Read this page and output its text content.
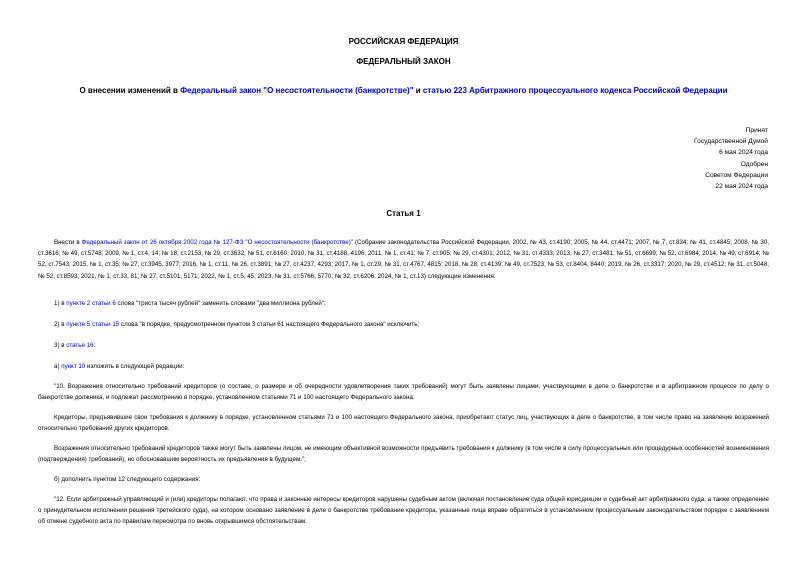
РОССИЙСКАЯ ФЕДЕРАЦИЯ
ФЕДЕРАЛЬНЫЙ ЗАКОН
О внесении изменений в Федеральный закон "О несостоятельности (банкротстве)" и статью 223 Арбитражного процессуального кодекса Российской Федерации
Принят
Государственной Думой
6 мая 2024 года
Одобрен
Советом Федерации
22 мая 2024 года
Статья 1
Внести в Федеральный закон от 26 октября 2002 года № 127-ФЗ "О несостоятельности (банкротстве)" (Собрание законодательства Российской Федерации, 2002, № 43, ст.4190; 2005, № 44, ст.4471; 2007, № 7, ст.834; № 41, ст.4845; 2008, № 30, ст.3616; № 49, ст.5748; 2009, № 1, ст.4, 14; № 18, ст.2153; № 29, ст.3632; № 51, ст.6160; 2010, № 31, ст.4188, 4196; 2011, № 1, ст.41; № 7, ст.905; № 29, ст.4301; 2012, № 31, ст.4333; 2013, № 27, ст.3481; № 51, ст.6699; № 52, ст.6984; 2014, № 49, ст.6914; № 52, ст.7543; 2015, № 1, ст.35; № 27, ст.3945, 3977; 2016, № 1, ст.11; № 26, ст.3891; № 27, ст.4237, 4293; 2017, № 1, ст.29; № 31, ст.4767, 4815; 2018, № 28, ст.4139; № 49, ст.7523; № 53, ст.8404, 8440; 2019, № 26, ст.3317; 2020, № 29, ст.4512; № 31, ст.5048; № 52, ст.8593; 2021, № 1, ст.33, 81; № 27, ст.5101, 5171; 2022, № 1, ст.5, 45; 2023, № 31, ст.5766, 5770; № 32, ст.6206; 2024, № 1, ст.13) следующие изменения:
1) в пункте 2 статьи 6 слова "триста тысяч рублей" заменить словами "два миллиона рублей";
2) в пункте 5 статьи 15 слова "в порядке, предусмотренном пунктом 3 статьи 61 настоящего Федерального закона" исключить;
3) в статье 16:
а) пункт 10 изложить в следующей редакции:
"10. Возражения относительно требований кредиторов (о составе, о размере и об очередности удовлетворения таких требований) могут быть заявлены лицами, участвующими в деле о банкротстве и в арбитражном процессе по делу о банкротстве должника, и подлежат рассмотрению в порядке, установленном статьями 71 и 100 настоящего Федерального закона.
Кредиторы, предъявившие свои требования к должнику в порядке, установленном статьями 71 и 100 настоящего Федерального закона, приобретают статус лиц, участвующих в деле о банкротстве, в том числе право на заявление возражений относительно требований других кредиторов.
Возражения относительно требований кредиторов также могут быть заявлены лицом, не имеющим объективной возможности предъявить требования к должнику (в том числе в силу процессуальных или процедурных особенностей возникновения (подтверждения) требований), но обосновавшим вероятность их предъявления в будущем.";
б) дополнить пунктом 12 следующего содержания:
"12. Если арбитражный управляющий и (или) кредиторы полагают, что права и законные интересы кредиторов нарушены судебным актом (включая постановление суда общей юрисдикции и судебный акт арбитражного суда, а также определение о принудительном исполнении решения третейского суда), на котором основано заявление в деле о банкротстве требование кредитора, указанные лица вправе обратиться в установленном процессуальным законодательством порядке с заявлением об отмене судебного акта по правилам пересмотра по вновь открывшимся обстоятельствам.
